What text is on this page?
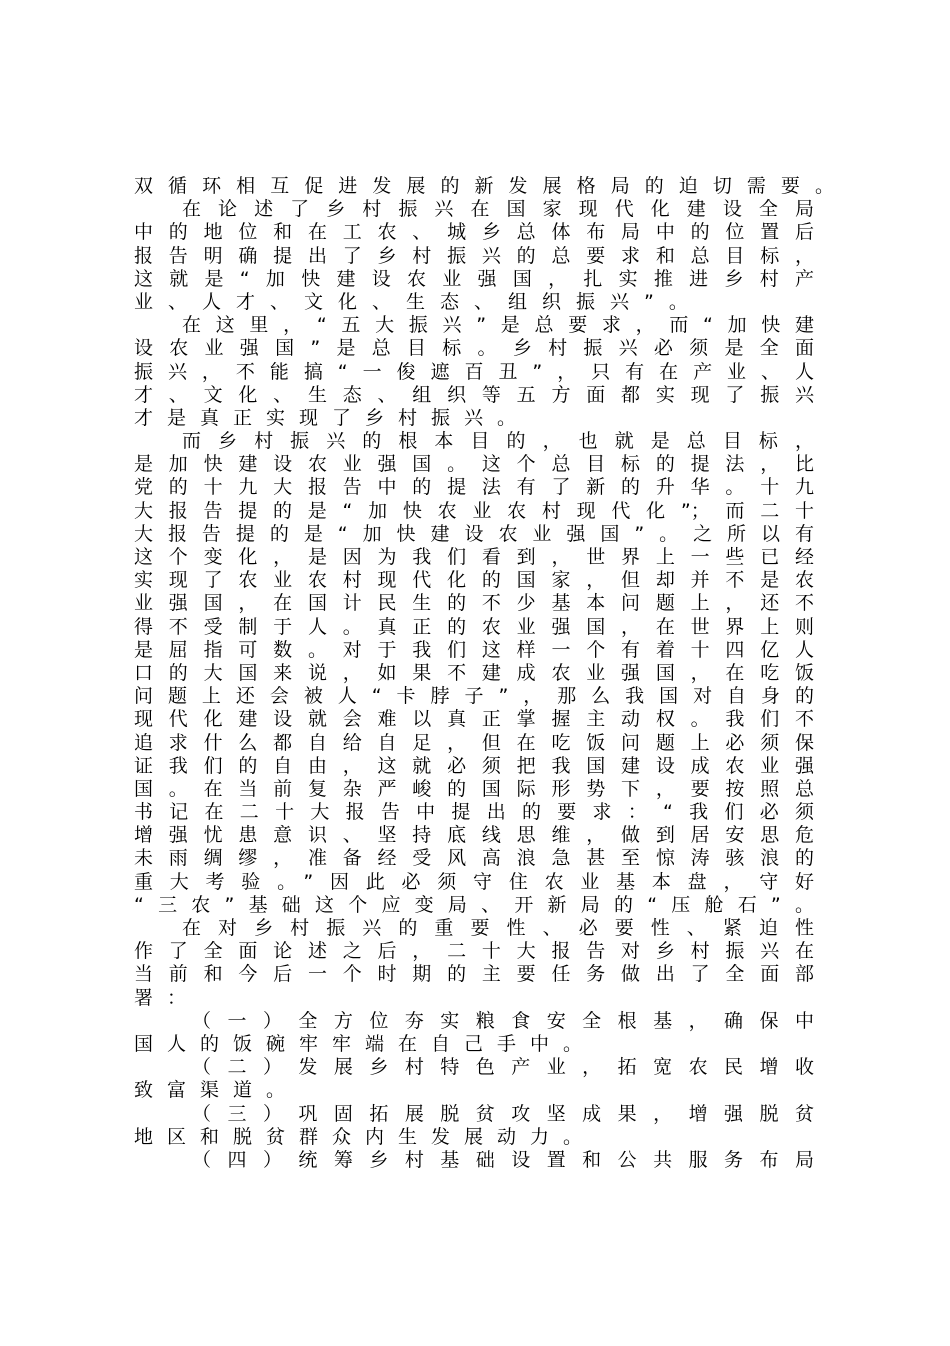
双循环相互促进发展的新发展格局的迫切需要。
在论述了乡村振兴在国家现代化建设全局
中的地位和在工农、城乡总体布局中的位置后
报告明确提出了乡村振兴的总要求和总目标，
这就是“加快建设农业强国，扎实推进乡村产
业、人才、文化、生态、组织振兴”。
在这里，“五大振兴”是总要求，而“加快建
设农业强国”是总目标。乡村振兴必须是全面
振兴，不能搞“一俊遮百丑”，只有在产业、人
才、文化、生态、组织等五方面都实现了振兴
才是真正实现了乡村振兴。
而乡村振兴的根本目的，也就是总目标，
是加快建设农业强国。这个总目标的提法，比
党的十九大报告中的提法有了新的升华。十九
大报告提的是“加快农业农村现代化”；而二十
大报告提的是“加快建设农业强国”。之所以有
这个变化，是因为我们看到，世界上一些已经
实现了农业农村现代化的国家，但却并不是农
业强国，在国计民生的不少基本问题上，还不
得不受制于人。真正的农业强国，在世界上则
是屈指可数。对于我们这样一个有着十四亿人
口的大国来说，如果不建成农业强国，在吃饭
问题上还会被人“卡脖子”，那么我国对自身的
现代化建设就会难以真正掌握主动权。我们不
追求什么都自给自足，但在吃饭问题上必须保
证我们的自由，这就必须把我国建设成农业强
国。在当前复杂严峻的国际形势下，要按照总
书记在二十大报告中提出的要求：“我们必须
增强忧患意识、坚持底线思维，做到居安思危
未雨绸缪，准备经受风高浪急甚至惊涛骇浪的
重大考验。”因此必须守住农业基本盘，守好
“三农”基础这个应变局、开新局的“压舱石”。
在对乡村振兴的重要性、必要性、紧迫性
作了全面论述之后，二十大报告对乡村振兴在
当前和今后一个时期的主要任务做出了全面部
署：
（一）全方位夯实粮食安全根基，确保中
国人的饭碗牢牢端在自己手中。
（二）发展乡村特色产业，拓宽农民增收
致富渠道。
（三）巩固拓展脱贫攻坚成果，增强脱贫
地区和脱贫群众内生发展动力。
（四）统筹乡村基础设置和公共服务布局
